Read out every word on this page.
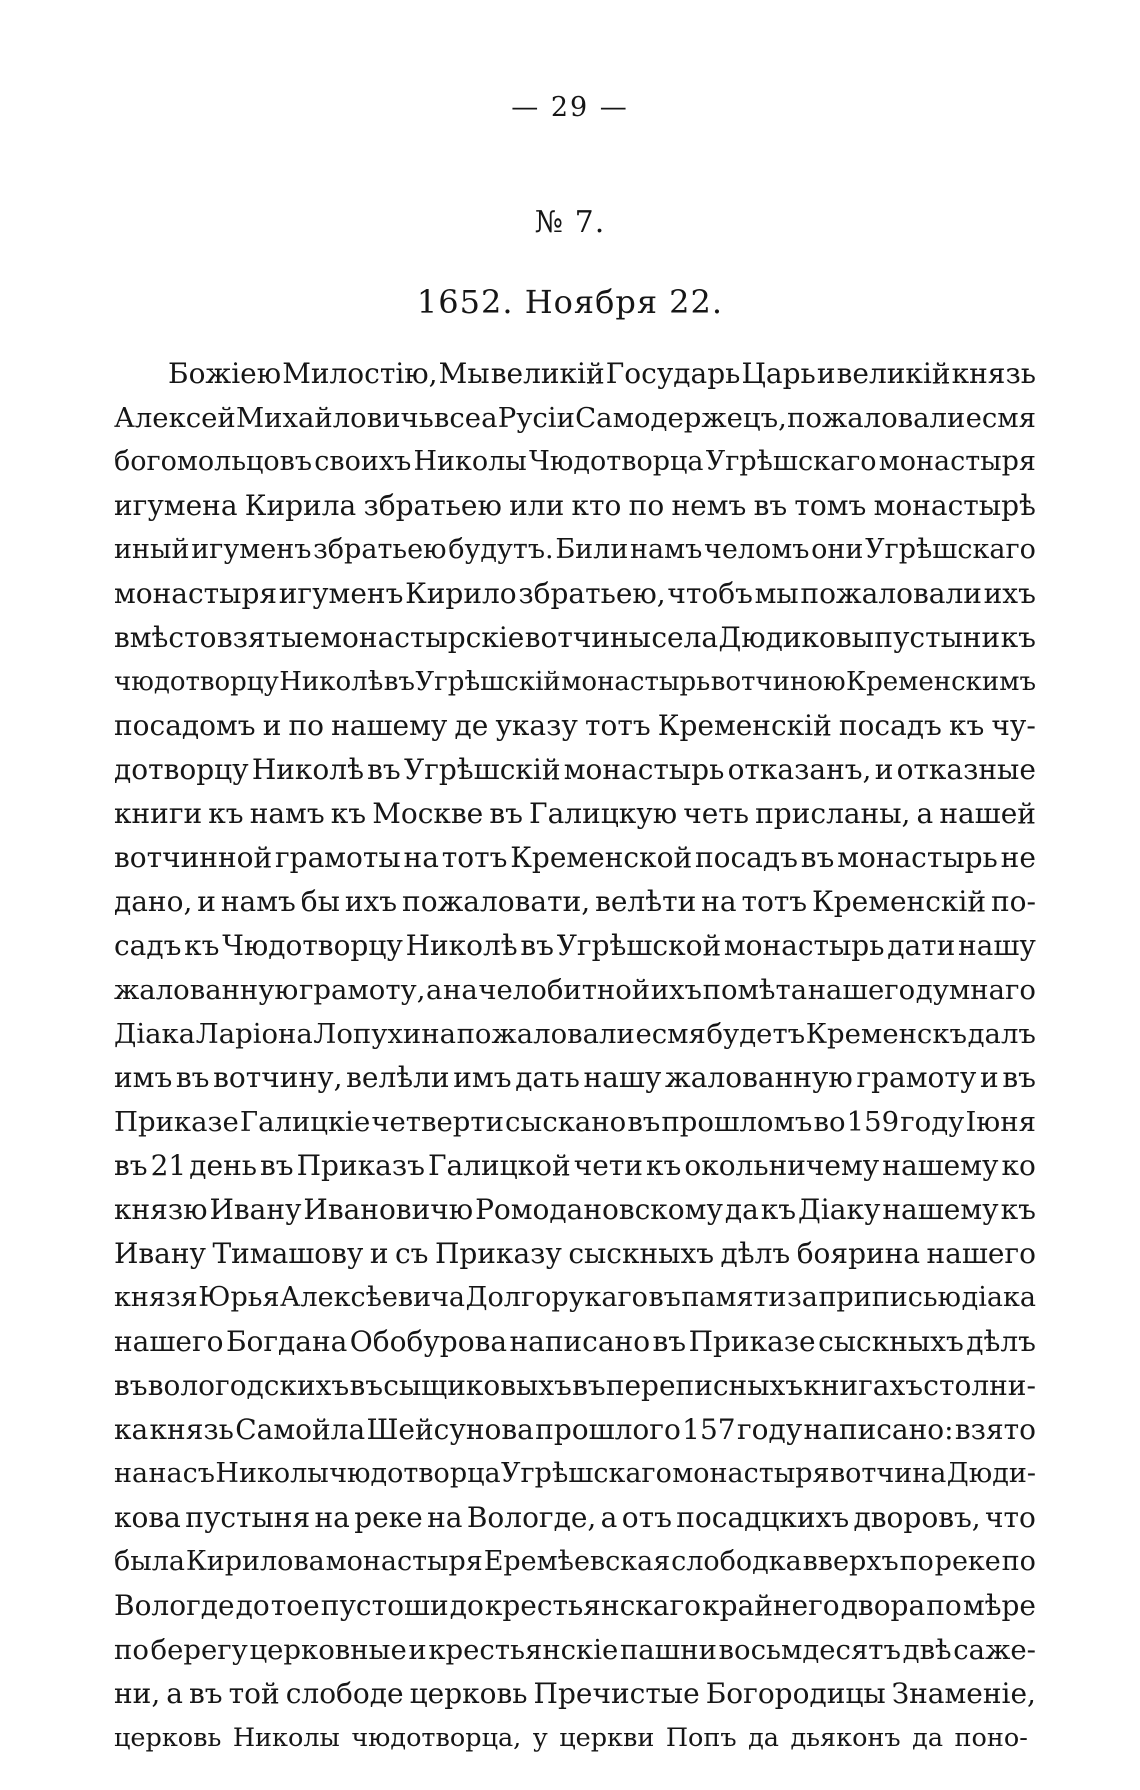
— 29 —
№ 7.
1652. Ноября 22.
Божіею Милостію, Мы великій Государь Царь и великій князь
Алексей Михайловичь всеа Русіи Самодержецъ, пожаловали есмя
богомольцовъ своихъ Николы Чюдотворца Угрѣшскаго монастыря
игумена Кирила збратьею или кто по немъ въ томъ монастырѣ
иный игуменъ збратьею будутъ. Били намъ челомъ они Угрѣшскаго
монастыря игуменъ Кирило збратьею, чтобъ мы пожаловали ихъ
вмѣсто взятые монастырскіе вотчины села Дюдиковы пустыни къ
чюдотворцу Николѣ въ Угрѣшскій монастырь вотчиною Кременскимъ
посадомъ и по нашему де указу тотъ Кременскій посадъ къ чу-
дотворцу Николѣ въ Угрѣшскій монастырь отказанъ, и отказные
книги къ намъ къ Москве въ Галицкую четь присланы, а нашей
вотчинной грамоты на тотъ Кременской посадъ въ монастырь не
дано, и намъ бы ихъ пожаловати, велѣти на тотъ Кременскій по-
садъ къ Чюдотворцу Николѣ въ Угрѣшской монастырь дати нашу
жалованную грамоту, а на челобитной ихъ помѣта нашего думнаго
Діака Ларіона Лопухина пожаловали есмя будетъ Кременскъ далъ
имъ въ вотчину, велѣли имъ дать нашу жалованную грамоту и въ
Приказе Галицкіе четверти сыскано въ прошломъ во 159 году Іюня
въ 21 день въ Приказъ Галицкой чети къ окольничему нашему ко
князю Ивану Ивановичю Ромодановскому да къ Діаку нашему къ
Ивану Тимашову и съ Приказу сыскныхъ дѣлъ боярина нашего
князя Юрья Алексѣевича Долгорукаго въ памяти за приписью діака
нашего Богдана Обобурова написано въ Приказе сыскныхъ дѣлъ
въ вологодскихъ въ сыщиковыхъ въ переписныхъ книгахъ столни-
ка князь Самойла Шейсунова прошлого 157 году написано: взято
на насъ Николы чюдотворца Угрѣшскаго монастыря вотчина Дюди-
кова пустыня на реке на Вологде, а отъ посадцкихъ дворовъ, что
была Кирилова монастыря Еремѣевская слободка вверхъ по реке по
Вологде до тое пустоши до крестьянскаго крайнего двора по мѣре
по берегу церковные и крестьянскіе пашни восьмдесятъ двѣ саже-
ни, а въ той слободе церковь Пречистые Богородицы Знаменіе,
церковь Николы чюдотворца, у церкви Попъ да дьяконъ да поно-
